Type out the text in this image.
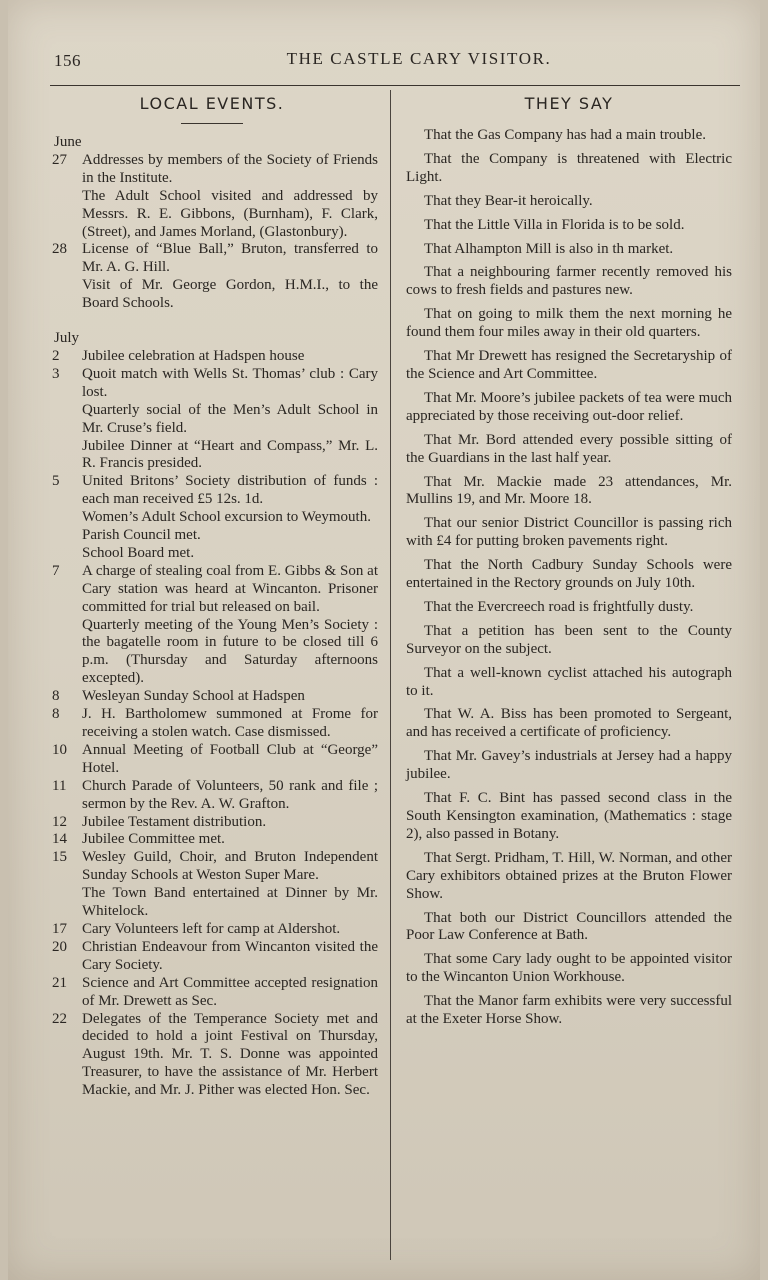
156	THE CASTLE CARY VISITOR.
LOCAL EVENTS.
June
27	Addresses by members of the Society of Friends in the Institute.

The Adult School visited and addressed by Messrs. R. E. Gibbons, (Burnham), F. Clark, (Street), and James Morland, (Glastonbury).

28	License of “Blue Ball,” Bruton, transferred to Mr. A. G. Hill.

Visit of Mr. George Gordon, H.M.I., to the Board Schools.

July
2	Jubilee celebration at Hadspen house

3	Quoit match with Wells St. Thomas’ club : Cary lost.

Quarterly social of the Men’s Adult School in Mr. Cruse’s field.

Jubilee Dinner at “Heart and Compass,” Mr. L. R. Francis presided.

5	United Britons’ Society distribution of funds : each man received £5 12s. 1d.

Women’s Adult School excursion to Weymouth.

Parish Council met.

School Board met.

7	A charge of stealing coal from E. Gibbs & Son at Cary station was heard at Wincanton. Prisoner committed for trial but released on bail.

Quarterly meeting of the Young Men’s Society : the bagatelle room in future to be closed till 6 p.m. (Thursday and Saturday afternoons excepted).

8	Wesleyan Sunday School at Hadspen

8	J. H. Bartholomew summoned at Frome for receiving a stolen watch. Case dismissed.

10	Annual Meeting of Football Club at “George” Hotel.

11	Church Parade of Volunteers, 50 rank and file ; sermon by the Rev. A. W. Grafton.

12	Jubilee Testament distribution.

14	Jubilee Committee met.

15	Wesley Guild, Choir, and Bruton Independent Sunday Schools at Weston Super Mare.

The Town Band entertained at Dinner by Mr. Whitelock.

17	Cary Volunteers left for camp at Aldershot.

20	Christian Endeavour from Wincanton visited the Cary Society.

21	Science and Art Committee accepted resignation of Mr. Drewett as Sec.

22	Delegates of the Temperance Society met and decided to hold a joint Festival on Thursday, August 19th. Mr. T. S. Donne was appointed Treasurer, to have the assistance of Mr. Herbert Mackie, and Mr. J. Pither was elected Hon. Sec.

THEY SAY

That the Gas Company has had a main trouble.

That the Company is threatened with Electric Light.

That they Bear-it heroically.

That the Little Villa in Florida is to be sold.

That Alhampton Mill is also in th market.

That a neighbouring farmer recently removed his cows to fresh fields and pastures new.

That on going to milk them the next morning he found them four miles away in their old quarters.

That Mr Drewett has resigned the Secretaryship of the Science and Art Committee.

That Mr. Moore’s jubilee packets of tea were much appreciated by those receiving out-door relief.

That Mr. Bord attended every possible sitting of the Guardians in the last half year.

That Mr. Mackie made 23 attendances, Mr. Mullins 19, and Mr. Moore 18.

That our senior District Councillor is passing rich with £4 for putting broken pavements right.

That the North Cadbury Sunday Schools were entertained in the Rectory grounds on July 10th.

That the Evercreech road is frightfully dusty.

That a petition has been sent to the County Surveyor on the subject.

That a well-known cyclist attached his autograph to it.

That W. A. Biss has been promoted to Sergeant, and has received a certificate of proficiency.

That Mr. Gavey’s industrials at Jersey had a happy jubilee.

That F. C. Bint has passed second class in the South Kensington examination, (Mathematics : stage 2), also passed in Botany.

That Sergt. Pridham, T. Hill, W. Norman, and other Cary exhibitors obtained prizes at the Bruton Flower Show.

That both our District Councillors attended the Poor Law Conference at Bath.

That some Cary lady ought to be appointed visitor to the Wincanton Union Workhouse.

That the Manor farm exhibits were very successful at the Exeter Horse Show.
